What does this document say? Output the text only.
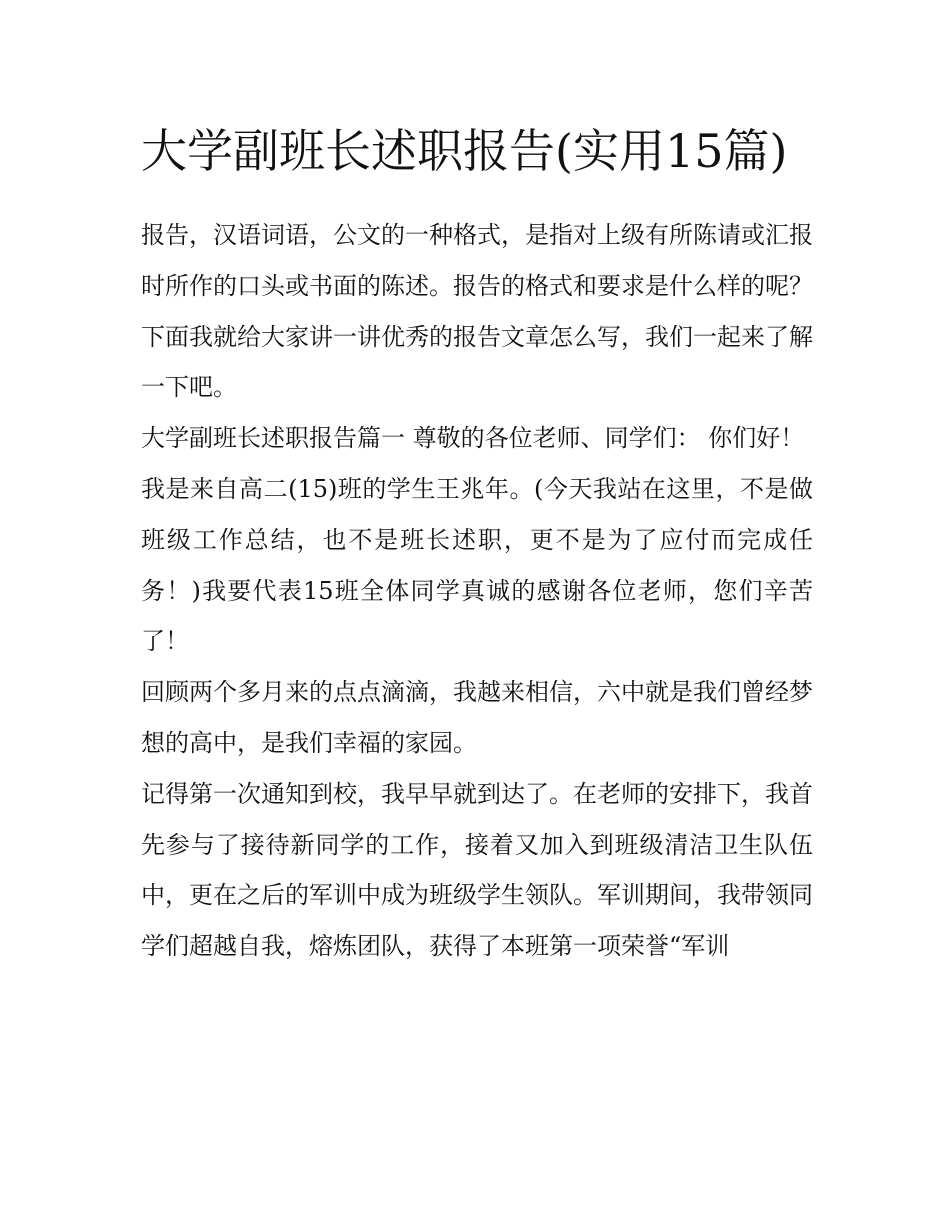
大学副班长述职报告(实用15篇)

报告，汉语词语，公文的一种格式，是指对上级有所陈请或汇报时所作的口头或书面的陈述。报告的格式和要求是什么样的呢？下面我就给大家讲一讲优秀的报告文章怎么写，我们一起来了解一下吧。

大学副班长述职报告篇一 尊敬的各位老师、同学们： 你们好！

我是来自高二(15)班的学生王兆年。(今天我站在这里，不是做班级工作总结，也不是班长述职，更不是为了应付而完成任务！)我要代表15班全体同学真诚的感谢各位老师，您们辛苦了！

回顾两个多月来的点点滴滴，我越来相信，六中就是我们曾经梦想的高中，是我们幸福的家园。

记得第一次通知到校，我早早就到达了。在老师的安排下，我首先参与了接待新同学的工作，接着又加入到班级清洁卫生队伍中，更在之后的军训中成为班级学生领队。军训期间，我带领同学们超越自我，熔炼团队，获得了本班第一项荣誉“军训
